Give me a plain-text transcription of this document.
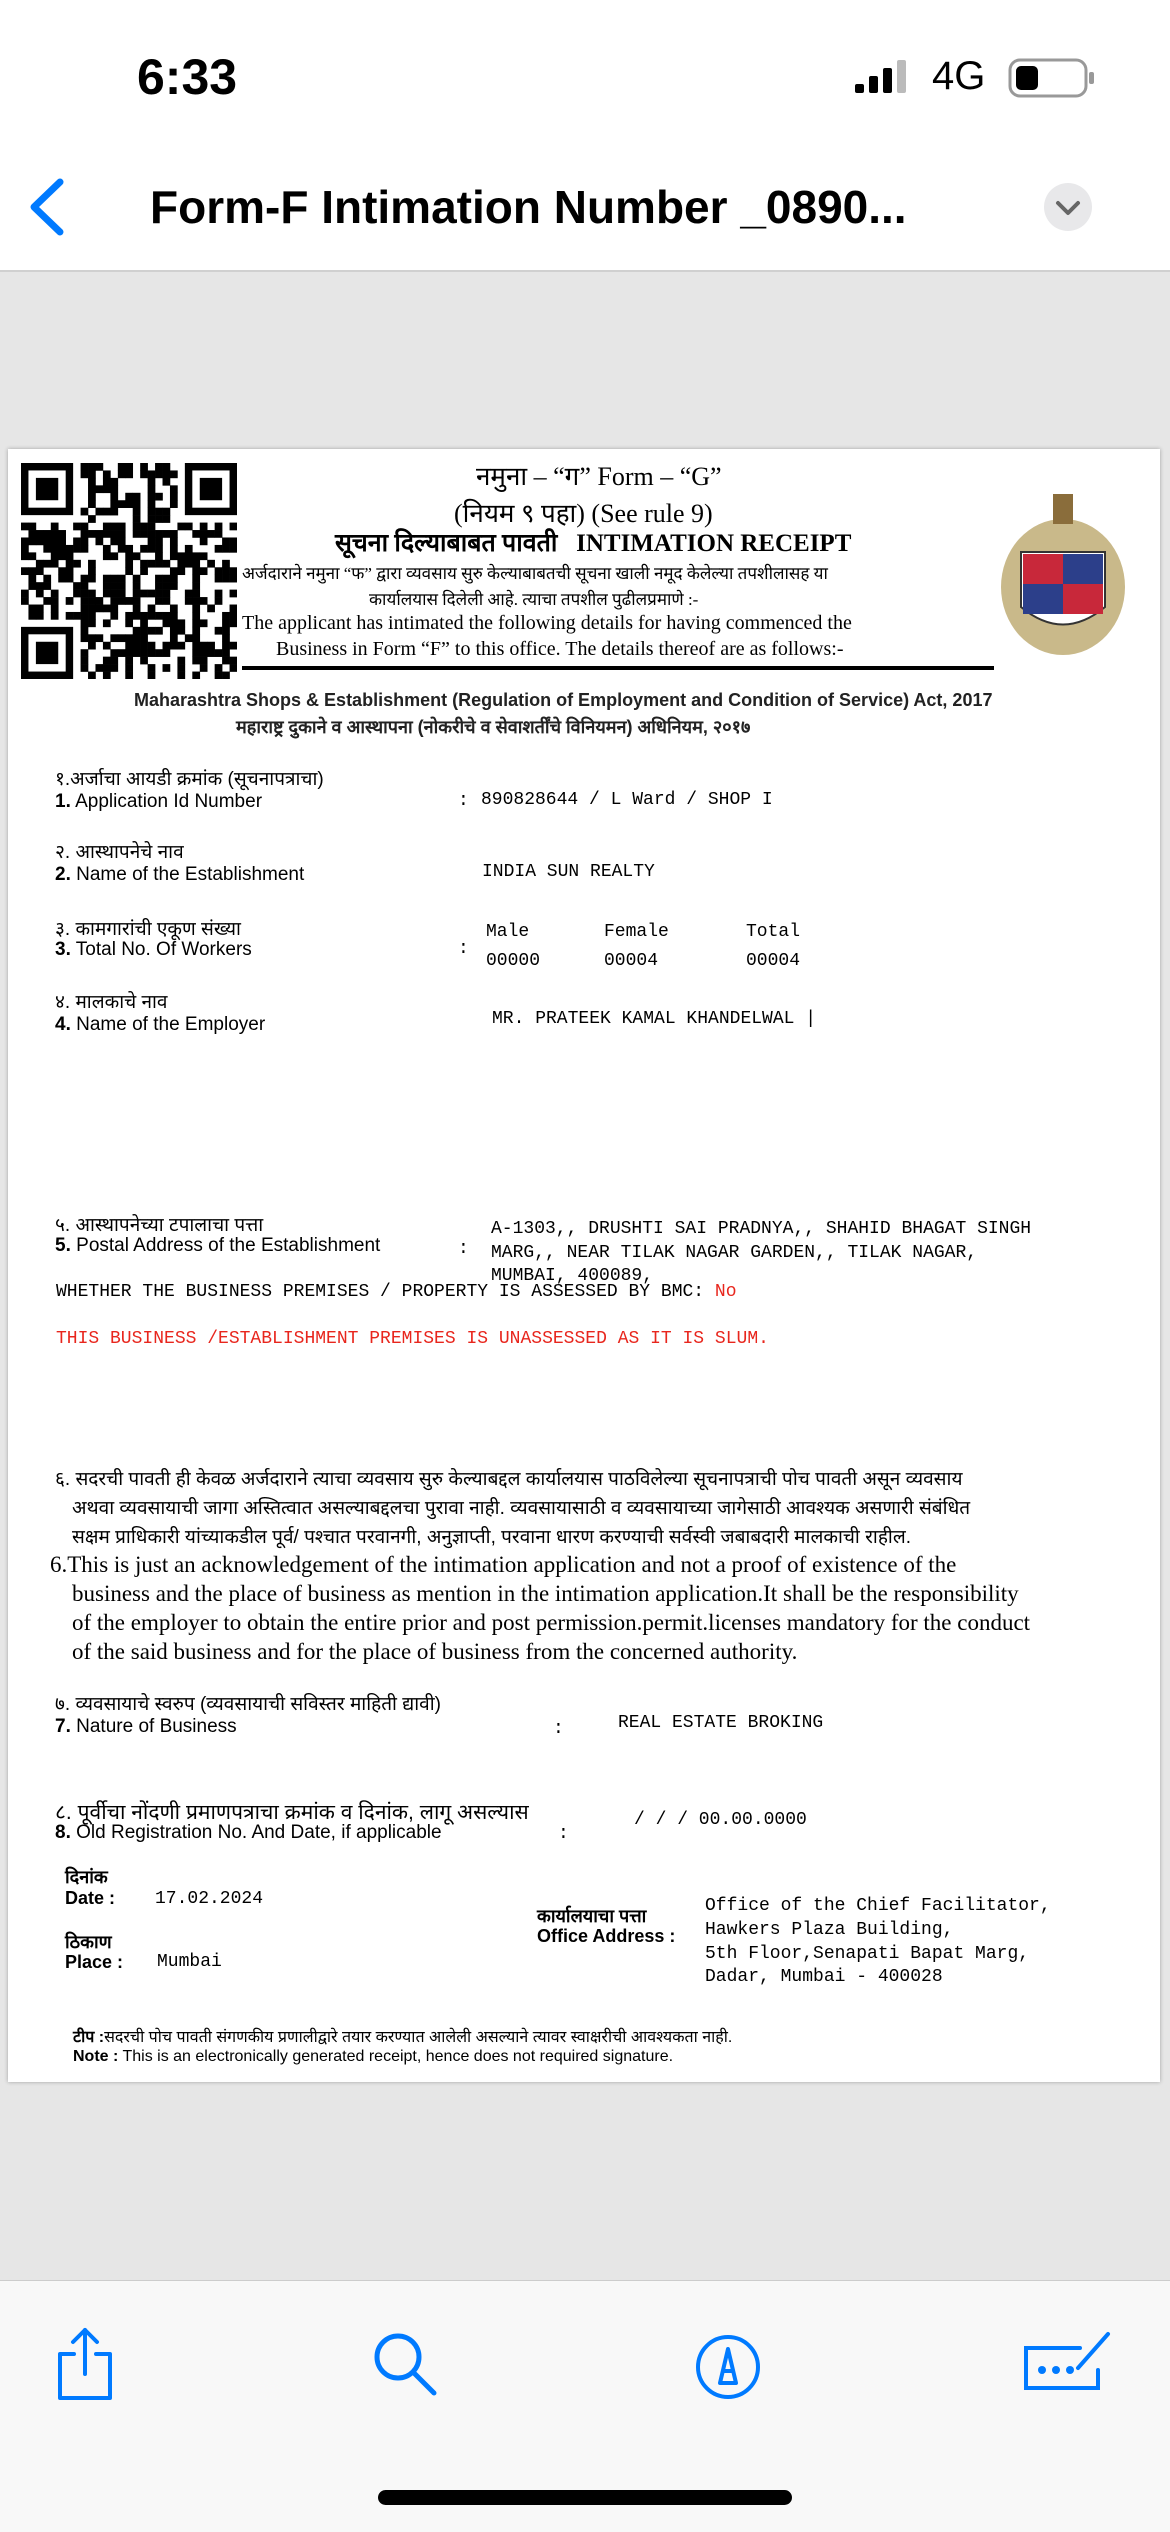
6:33	4G
Form-F Intimation Number _0890...
नमुना – “ग” Form – “G”
(नियम ९ पहा) (See rule 9)
सूचना दिल्याबाबत पावती INTIMATION RECEIPT
अर्जदाराने नमुना “फ” द्वारा व्यवसाय सुरु केल्याबाबतची सूचना खाली नमूद केलेल्या तपशीलासह या
कार्यालयास दिलेली आहे. त्याचा तपशील पुढीलप्रमाणे :-
The applicant has intimated the following details for having commenced the
Business in Form “F” to this office. The details thereof are as follows:-
Maharashtra Shops & Establishment (Regulation of Employment and Condition of Service) Act, 2017
महाराष्ट्र दुकाने व आस्थापना (नोकरीचे व सेवाशर्तींचे विनियमन) अधिनियम, २०१७
१.अर्जाचा आयडी क्रमांक (सूचनापत्राचा)
1. Application Id Number	: 890828644 / L Ward / SHOP I
२. आस्थापनेचे नाव
2. Name of the Establishment	INDIA SUN REALTY
३. कामगारांची एकूण संख्या
3. Total No. Of Workers	:
Male	Female	Total
00000	00004	00004
४. मालकाचे नाव
4. Name of the Employer	MR. PRATEEK KAMAL KHANDELWAL |
५. आस्थापनेच्या टपालाचा पत्ता
5. Postal Address of the Establishment	:
A-1303,, DRUSHTI SAI PRADNYA,, SHAHID BHAGAT SINGH
MARG,, NEAR TILAK NAGAR GARDEN,, TILAK NAGAR,
MUMBAI, 400089,
WHETHER THE BUSINESS PREMISES / PROPERTY IS ASSESSED BY BMC: No
THIS BUSINESS /ESTABLISHMENT PREMISES IS UNASSESSED AS IT IS SLUM.
६. सदरची पावती ही केवळ अर्जदाराने त्याचा व्यवसाय सुरु केल्याबद्दल कार्यालयास पाठविलेल्या सूचनापत्राची पोच पावती असून व्यवसाय
अथवा व्यवसायाची जागा अस्तित्वात असल्याबद्दलचा पुरावा नाही. व्यवसायासाठी व व्यवसायाच्या जागेसाठी आवश्यक असणारी संबंधित
सक्षम प्राधिकारी यांच्याकडील पूर्व/ पश्चात परवानगी, अनुज्ञाप्ती, परवाना धारण करण्याची सर्वस्वी जबाबदारी मालकाची राहील.
6.This is just an acknowledgement of the intimation application and not a proof of existence of the
business and the place of business as mention in the intimation application.It shall be the responsibility
of the employer to obtain the entire prior and post permission.permit.licenses mandatory for the conduct
of the said business and for the place of business from the concerned authority.
७. व्यवसायाचे स्वरुप (व्यवसायाची सविस्तर माहिती द्यावी)
7. Nature of Business	:	REAL ESTATE BROKING
८. पूर्वीचा नोंदणी प्रमाणपत्राचा क्रमांक व दिनांक, लागू असल्यास
8. Old Registration No. And Date, if applicable	:
/ / / 00.00.0000
दिनांक
Date : 17.02.2024
ठिकाण
Place : Mumbai
कार्यालयाचा पत्ता
Office Address :
Office of the Chief Facilitator,
Hawkers Plaza Building,
5th Floor,Senapati Bapat Marg,
Dadar, Mumbai - 400028
टीप :सदरची पोच पावती संगणकीय प्रणालीद्वारे तयार करण्यात आलेली असल्याने त्यावर स्वाक्षरीची आवश्यकता नाही.
Note : This is an electronically generated receipt, hence does not required signature.
